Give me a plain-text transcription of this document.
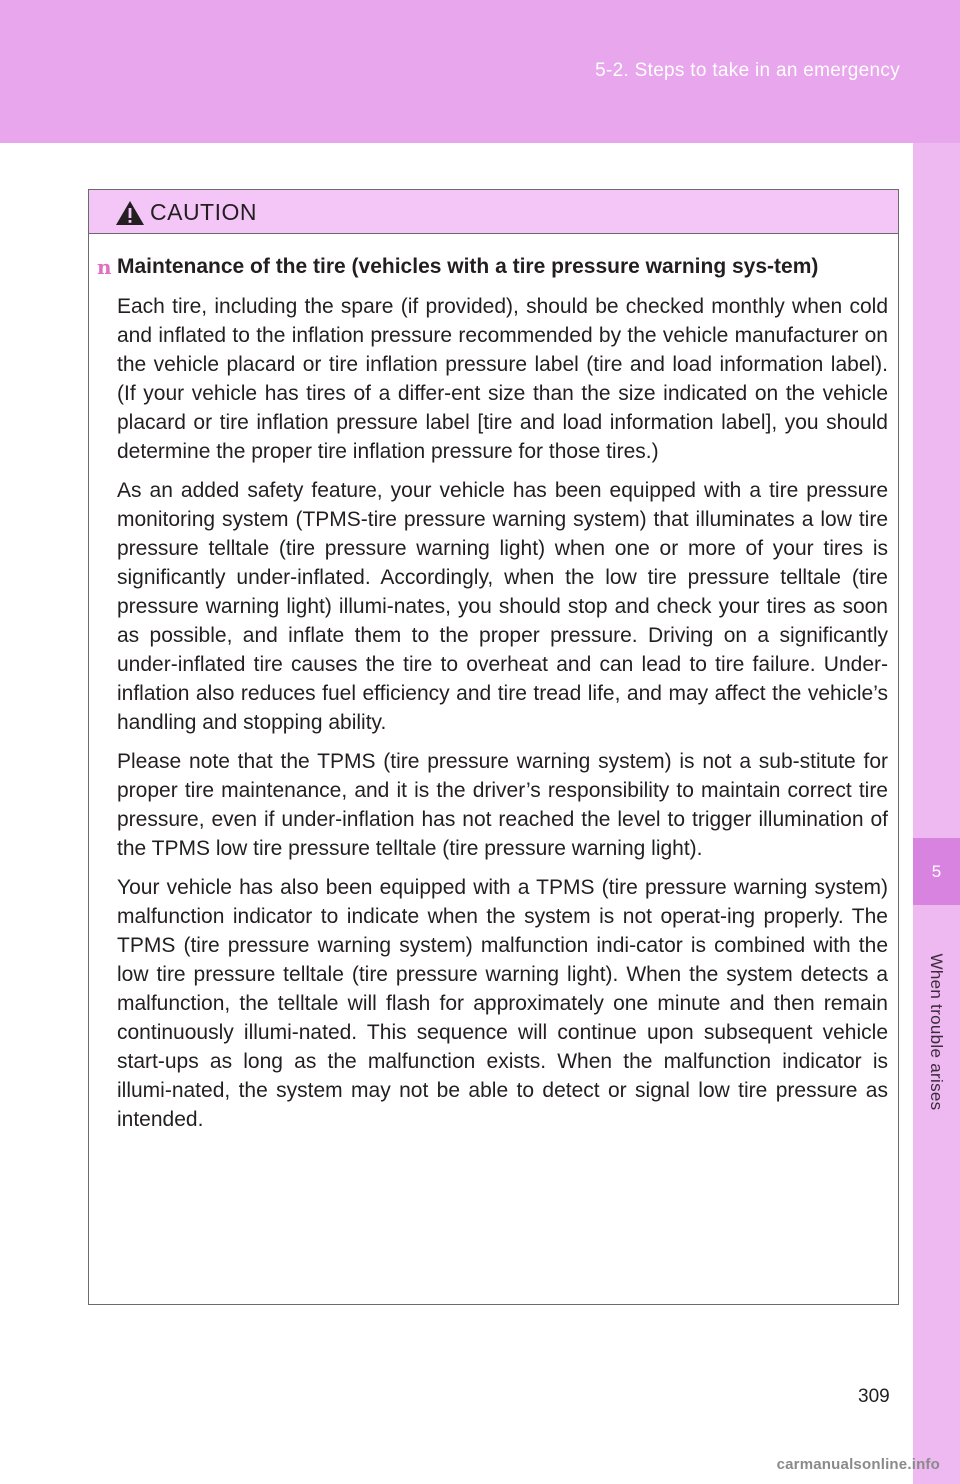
5-2. Steps to take in an emergency
5
When trouble arises
CAUTION
n Maintenance of the tire (vehicles with a tire pressure warning sys-tem)

Each tire, including the spare (if provided), should be checked monthly when cold and inflated to the inflation pressure recommended by the vehicle manufacturer on the vehicle placard or tire inflation pressure label (tire and load information label). (If your vehicle has tires of a differ-ent size than the size indicated on the vehicle placard or tire inflation pressure label [tire and load information label], you should determine the proper tire inflation pressure for those tires.)

As an added safety feature, your vehicle has been equipped with a tire pressure monitoring system (TPMS-tire pressure warning system) that illuminates a low tire pressure telltale (tire pressure warning light) when one or more of your tires is significantly under-inflated. Accordingly, when the low tire pressure telltale (tire pressure warning light) illumi-nates, you should stop and check your tires as soon as possible, and inflate them to the proper pressure. Driving on a significantly under-inflated tire causes the tire to overheat and can lead to tire failure. Under-inflation also reduces fuel efficiency and tire tread life, and may affect the vehicle’s handling and stopping ability.

Please note that the TPMS (tire pressure warning system) is not a sub-stitute for proper tire maintenance, and it is the driver’s responsibility to maintain correct tire pressure, even if under-inflation has not reached the level to trigger illumination of the TPMS low tire pressure telltale (tire pressure warning light).

Your vehicle has also been equipped with a TPMS (tire pressure warning system) malfunction indicator to indicate when the system is not operat-ing properly. The TPMS (tire pressure warning system) malfunction indi-cator is combined with the low tire pressure telltale (tire pressure warning light). When the system detects a malfunction, the telltale will flash for approximately one minute and then remain continuously illumi-nated. This sequence will continue upon subsequent vehicle start-ups as long as the malfunction exists. When the malfunction indicator is illumi-nated, the system may not be able to detect or signal low tire pressure as intended.

309
carmanualsonline.info
